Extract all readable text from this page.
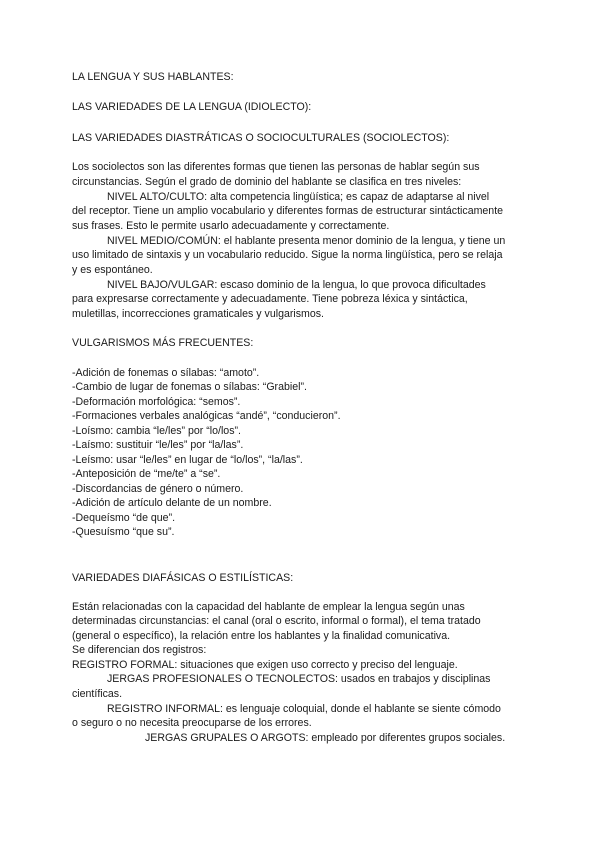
LA LENGUA Y SUS HABLANTES:
LAS VARIEDADES DE LA LENGUA (IDIOLECTO):
LAS VARIEDADES DIASTRÁTICAS O SOCIOCULTURALES (SOCIOLECTOS):
Los sociolectos son las diferentes formas que tienen las personas de hablar según sus
circunstancias. Según el grado de dominio del hablante se clasifica en tres niveles:
NIVEL ALTO/CULTO: alta competencia lingüística; es capaz de adaptarse al nivel
del receptor. Tiene un amplio vocabulario y diferentes formas de estructurar sintácticamente
sus frases. Esto le permite usarlo adecuadamente y correctamente.
NIVEL MEDIO/COMÚN: el hablante presenta menor dominio de la lengua, y tiene un
uso limitado de sintaxis y un vocabulario reducido. Sigue la norma lingüística, pero se relaja
y es espontáneo.
NIVEL BAJO/VULGAR: escaso dominio de la lengua, lo que provoca dificultades
para expresarse correctamente y adecuadamente. Tiene pobreza léxica y sintáctica,
muletillas, incorrecciones gramaticales y vulgarismos.
VULGARISMOS MÁS FRECUENTES:
-Adición de fonemas o sílabas: “amoto”.
-Cambio de lugar de fonemas o sílabas: “Grabiel”.
-Deformación morfológica: “semos”.
-Formaciones verbales analógicas “andé”, “conducieron”.
-Loísmo: cambia “le/les” por “lo/los”.
-Laísmo: sustituir “le/les” por “la/las”.
-Leísmo: usar “le/les” en lugar de “lo/los”, “la/las”.
-Anteposición de “me/te” a “se”.
-Discordancias de género o número.
-Adición de artículo delante de un nombre.
-Dequeísmo “de que”.
-Quesuísmo “que su”.
VARIEDADES DIAFÁSICAS O ESTILÍSTICAS:
Están relacionadas con la capacidad del hablante de emplear la lengua según unas
determinadas circunstancias: el canal (oral o escrito, informal o formal), el tema tratado
(general o específico), la relación entre los hablantes y la finalidad comunicativa.
Se diferencian dos registros:
REGISTRO FORMAL: situaciones que exigen uso correcto y preciso del lenguaje.
JERGAS PROFESIONALES O TECNOLECTOS: usados en trabajos y disciplinas
científicas.
REGISTRO INFORMAL: es lenguaje coloquial, donde el hablante se siente cómodo
o seguro o no necesita preocuparse de los errores.
JERGAS GRUPALES O ARGOTS: empleado por diferentes grupos sociales.
